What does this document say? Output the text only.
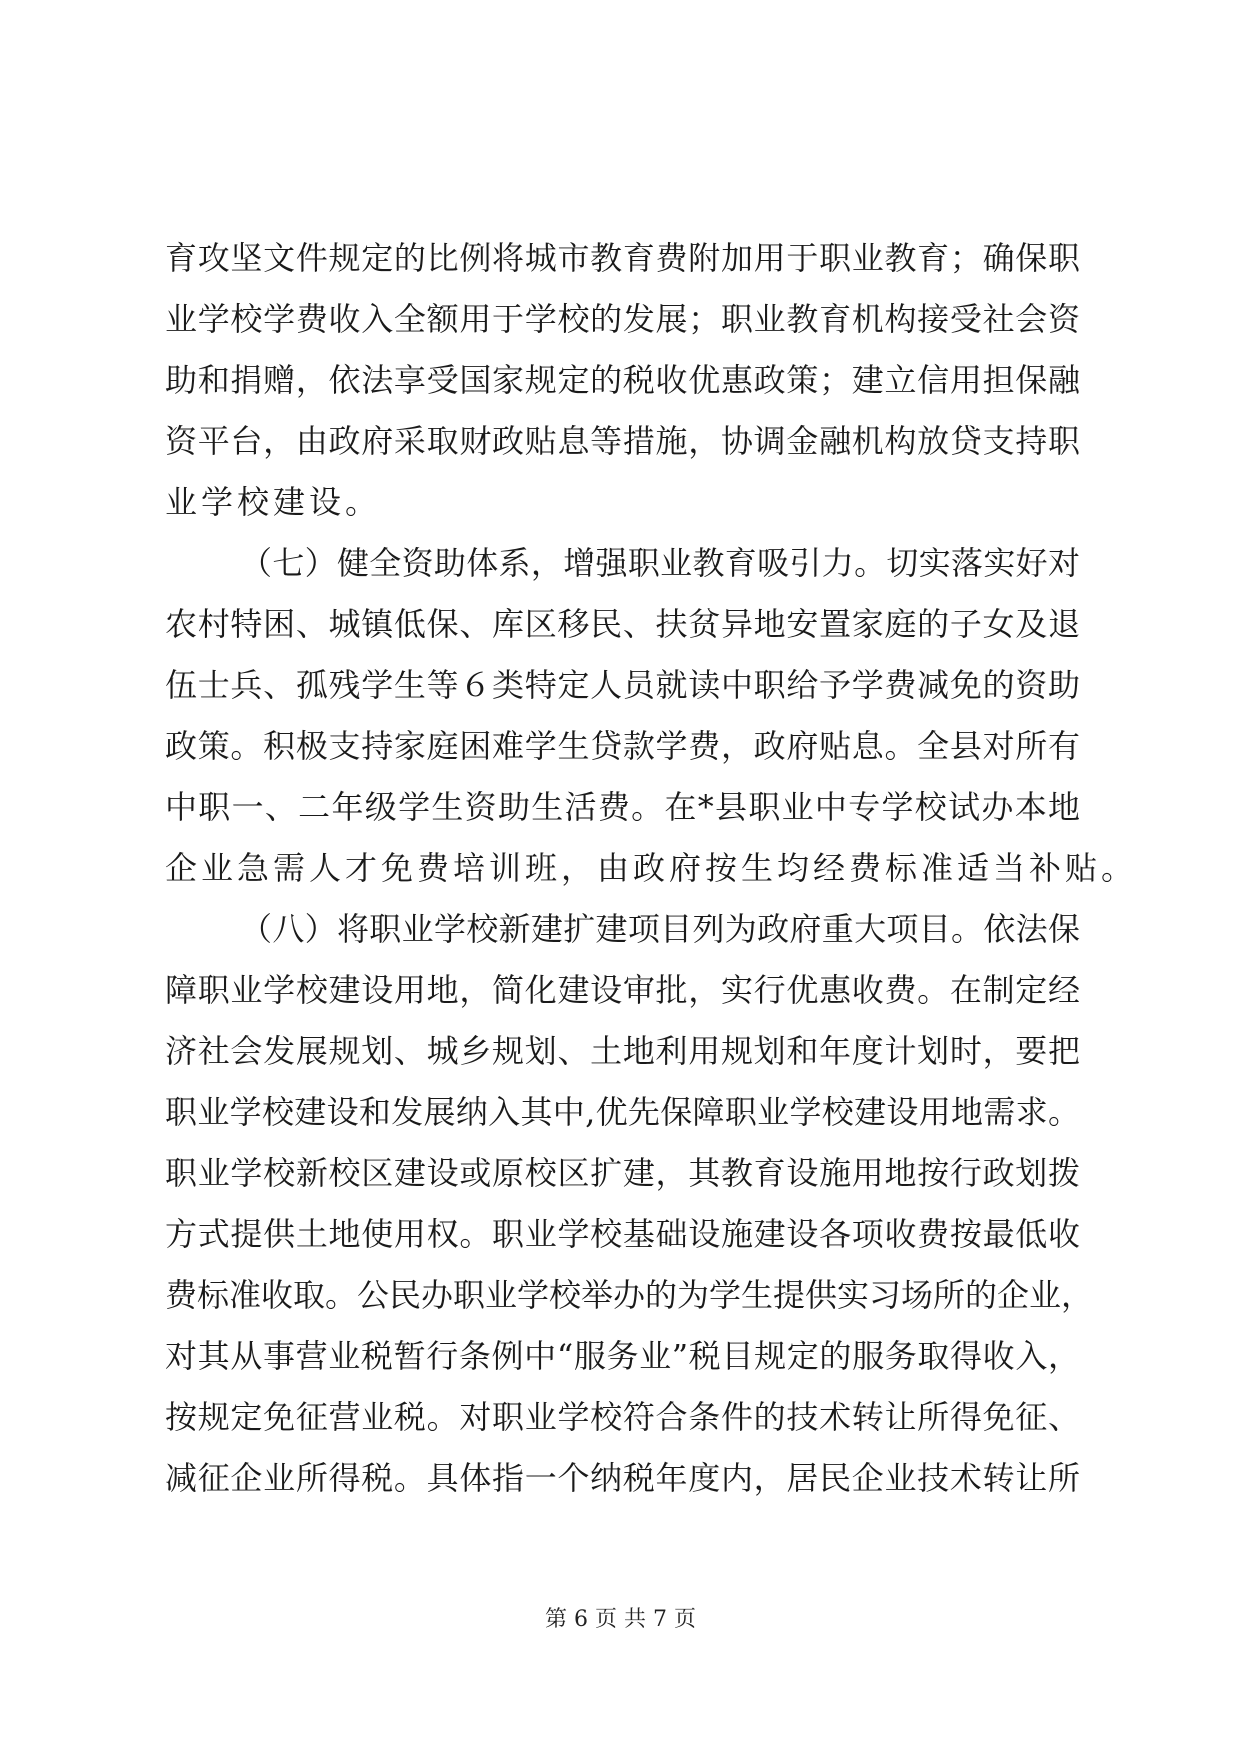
育攻坚文件规定的比例将城市教育费附加用于职业教育；确保职
业学校学费收入全额用于学校的发展；职业教育机构接受社会资
助和捐赠，依法享受国家规定的税收优惠政策；建立信用担保融
资平台，由政府采取财政贴息等措施，协调金融机构放贷支持职
业学校建设。
（七）健全资助体系，增强职业教育吸引力。切实落实好对
农村特困、城镇低保、库区移民、扶贫异地安置家庭的子女及退
伍士兵、孤残学生等６类特定人员就读中职给予学费减免的资助
政策。积极支持家庭困难学生贷款学费，政府贴息。全县对所有
中职一、二年级学生资助生活费。在*县职业中专学校试办本地
企业急需人才免费培训班，由政府按生均经费标准适当补贴。
（八）将职业学校新建扩建项目列为政府重大项目。依法保
障职业学校建设用地，简化建设审批，实行优惠收费。在制定经
济社会发展规划、城乡规划、土地利用规划和年度计划时，要把
职业学校建设和发展纳入其中,优先保障职业学校建设用地需求。
职业学校新校区建设或原校区扩建，其教育设施用地按行政划拨
方式提供土地使用权。职业学校基础设施建设各项收费按最低收
费标准收取。公民办职业学校举办的为学生提供实习场所的企业，
对其从事营业税暂行条例中“服务业”税目规定的服务取得收入，
按规定免征营业税。对职业学校符合条件的技术转让所得免征、
减征企业所得税。具体指一个纳税年度内，居民企业技术转让所
第 6 页 共 7 页
